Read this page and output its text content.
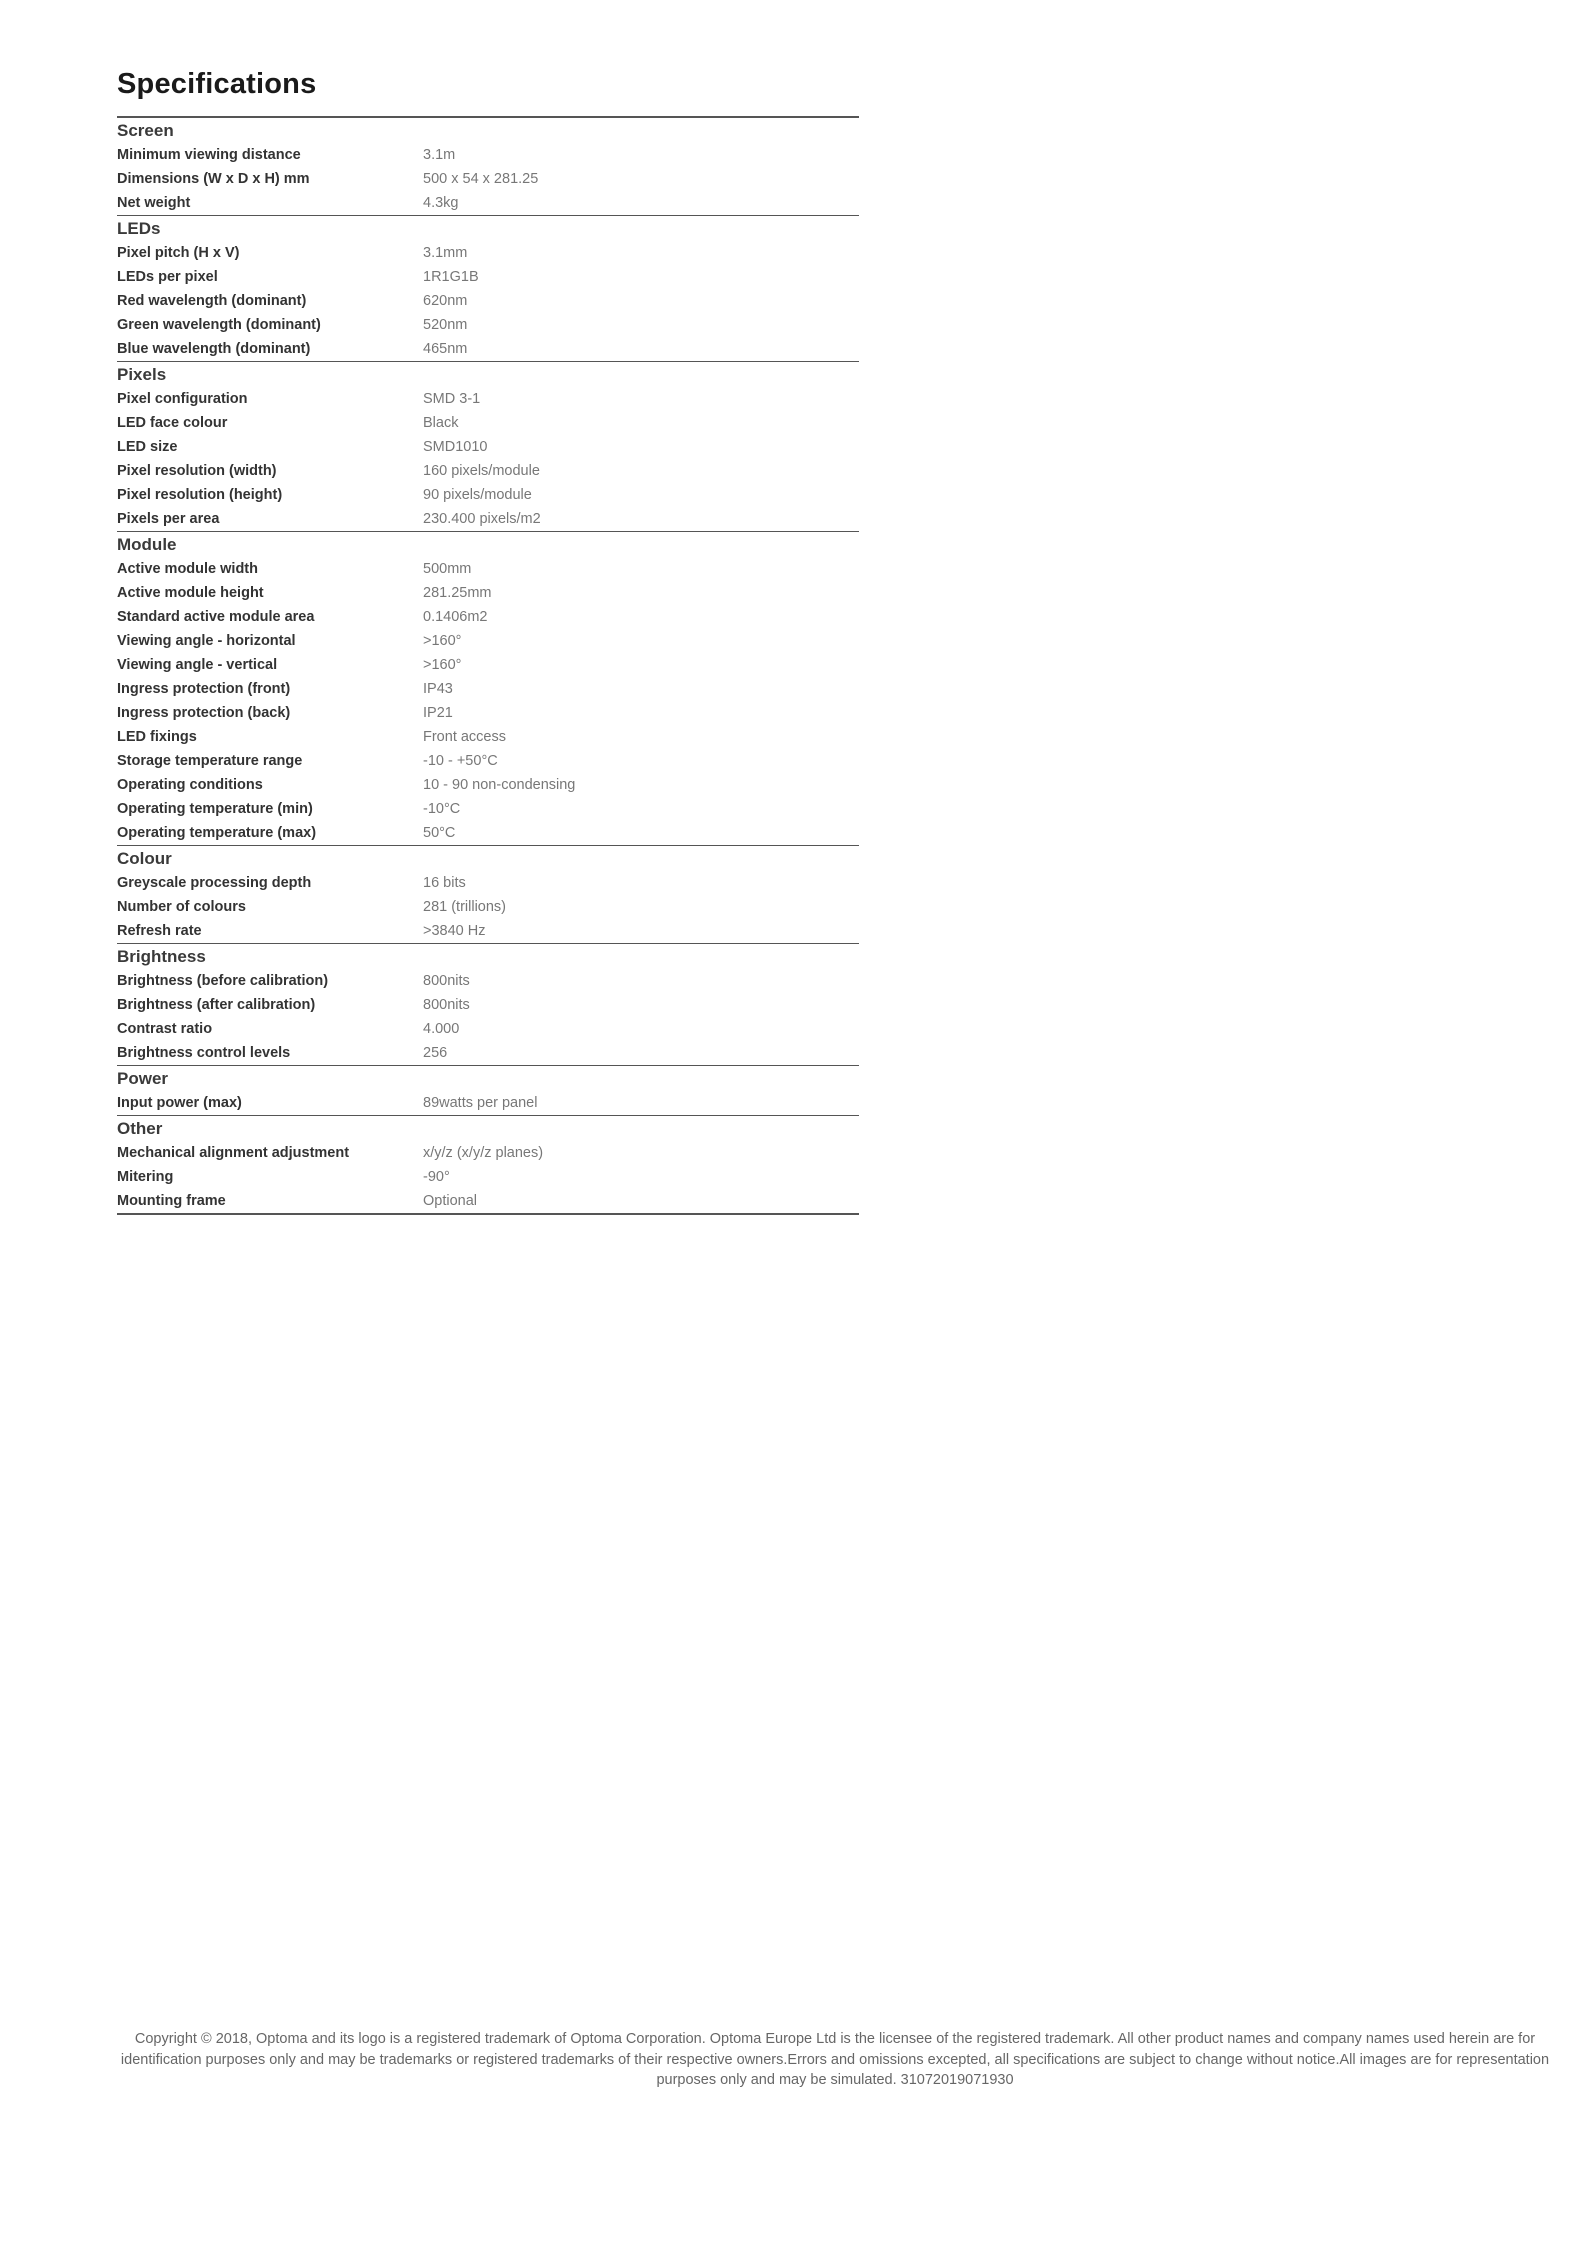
Specifications
Screen
Minimum viewing distance	3.1m
Dimensions (W x D x H) mm	500 x 54 x 281.25
Net weight	4.3kg
LEDs
Pixel pitch (H x V)	3.1mm
LEDs per pixel	1R1G1B
Red wavelength (dominant)	620nm
Green wavelength (dominant)	520nm
Blue wavelength (dominant)	465nm
Pixels
Pixel configuration	SMD 3-1
LED face colour	Black
LED size	SMD1010
Pixel resolution (width)	160 pixels/module
Pixel resolution (height)	90 pixels/module
Pixels per area	230.400 pixels/m2
Module
Active module width	500mm
Active module height	281.25mm
Standard active module area	0.1406m2
Viewing angle - horizontal	>160°
Viewing angle - vertical	>160°
Ingress protection (front)	IP43
Ingress protection (back)	IP21
LED fixings	Front access
Storage temperature range	-10 - +50°C
Operating conditions	10 - 90 non-condensing
Operating temperature (min)	-10°C
Operating temperature (max)	50°C
Colour
Greyscale processing depth	16 bits
Number of colours	281 (trillions)
Refresh rate	>3840 Hz
Brightness
Brightness (before calibration)	800nits
Brightness (after calibration)	800nits
Contrast ratio	4.000
Brightness control levels	256
Power
Input power (max)	89watts per panel
Other
Mechanical alignment adjustment	x/y/z (x/y/z planes)
Mitering	-90°
Mounting frame	Optional

Copyright © 2018, Optoma and its logo is a registered trademark of Optoma Corporation. Optoma Europe Ltd is the licensee of the registered trademark. All other product names and company names used herein are for identification purposes only and may be trademarks or registered trademarks of their respective owners.Errors and omissions excepted, all specifications are subject to change without notice.All images are for representation purposes only and may be simulated. 31072019071930
